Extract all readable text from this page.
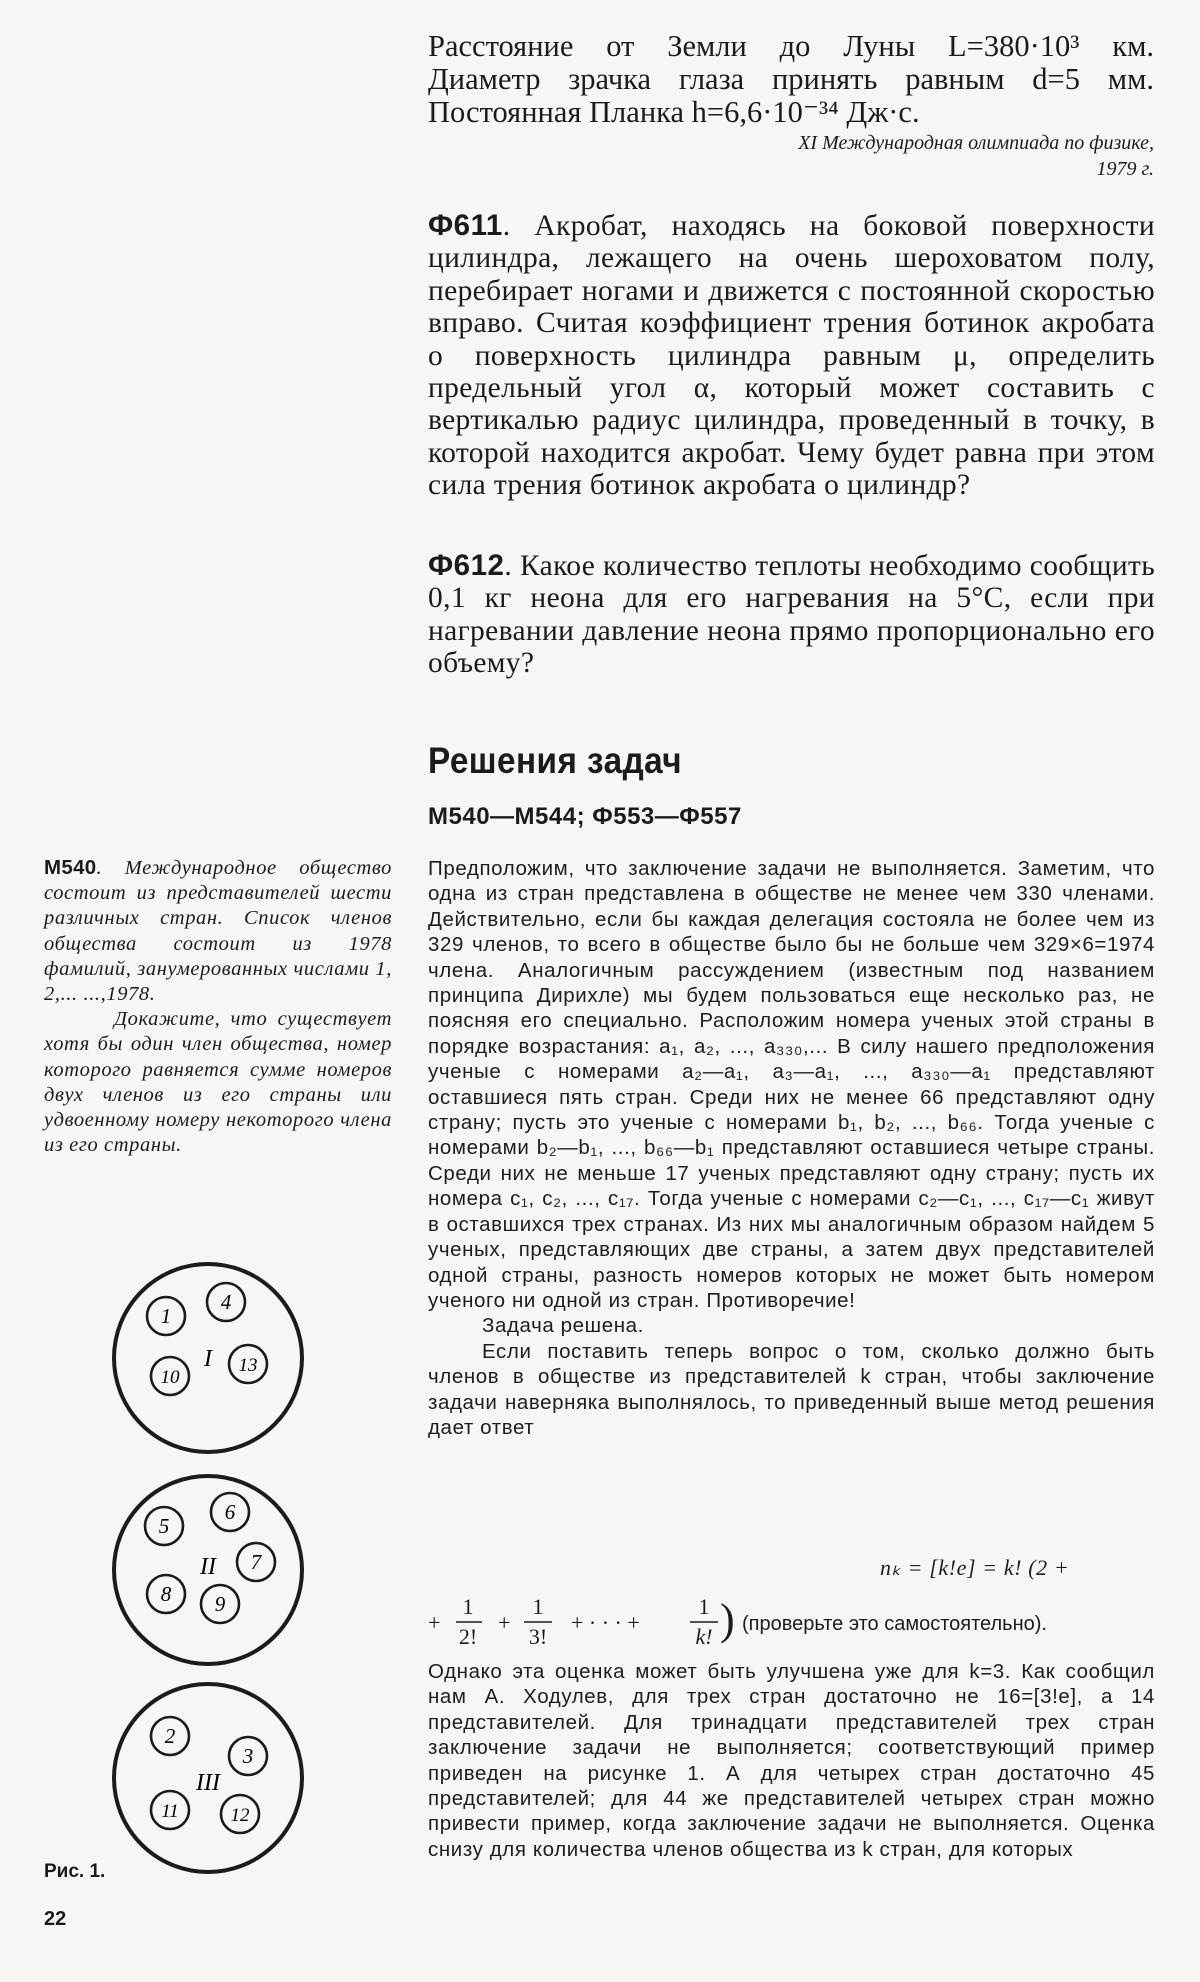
Расстояние от Земли до Луны L=380·10³ км.

Диаметр зрачка глаза принять равным d=5 мм.

Постоянная Планка h=6,6·10⁻³⁴ Дж·с.

XI Международная олимпиада по физике,
1979 г.
Ф611. Акробат, находясь на боковой поверхности цилиндра, лежащего на очень шероховатом полу, перебирает ногами и движется с постоянной скоростью вправо. Считая коэффициент трения ботинок акробата о поверхность цилиндра равным μ, определить предельный угол α, который может составить с вертикалью радиус цилиндра, проведенный в точку, в которой находится акробат. Чему будет равна при этом сила трения ботинок акробата о цилиндр?
Ф612. Какое количество теплоты необходимо сообщить 0,1 кг неона для его нагревания на 5°С, если при нагревании давление неона прямо пропорционально его объему?
Решения задач
М540—М544; Ф553—Ф557

М540. Международное общество состоит из представителей шести различных стран. Список членов общества состоит из 1978 фамилий, занумерованных числами 1, 2,... ...,1978.

Докажите, что существует хотя бы один член общества, номер которого равняется сумме номеров двух членов из его страны или удвоенному номеру некоторого члена из его страны.

I
1
4
10
13
II
5
6
7
8 9
III
2
3
11	12
Рис. 1.
22

Предположим, что заключение задачи не выполняется. Заметим, что одна из стран представлена в обществе не менее чем 330 членами. Действительно, если бы каждая делегация состояла не более чем из 329 членов, то всего в обществе было бы не больше чем 329×6=1974 члена. Аналогичным рассуждением (известным под названием принципа Дирихле) мы будем пользоваться еще несколько раз, не поясняя его специально. Расположим номера ученых этой страны в порядке возрастания: a₁, a₂, ..., a₃₃₀,... В силу нашего предположения ученые с номерами a₂—a₁, a₃—a₁, ..., a₃₃₀—a₁ представляют оставшиеся пять стран. Среди них не менее 66 представляют одну страну; пусть это ученые с номерами b₁, b₂, ..., b₆₆. Тогда ученые с номерами b₂—b₁, ..., b₆₆—b₁ представляют оставшиеся четыре страны. Среди них не меньше 17 ученых представляют одну страну; пусть их номера c₁, c₂, ..., c₁₇. Тогда ученые с номерами c₂—c₁, ..., c₁₇—c₁ живут в оставшихся трех странах. Из них мы аналогичным образом найдем 5 ученых, представляющих две страны, а затем двух представителей одной страны, разность номеров которых не может быть номером ученого ни одной из стран. Противоречие!

Задача решена.

Если поставить теперь вопрос о том, сколько должно быть членов в обществе из представителей k стран, чтобы заключение задачи наверняка выполнялось, то приведенный выше метод решения дает ответ

nₖ = [k!e] = k! (2 +
+
1
2!
+
1
3!
+ · · · +
1
k! ) (проверьте это самостоятельно).

Однако эта оценка может быть улучшена уже для k=3. Как сообщил нам А. Ходулев, для трех стран достаточно не 16=[3!e], а 14 представителей. Для тринадцати представителей трех стран заключение задачи не выполняется; соответствующий пример приведен на рисунке 1. А для четырех стран достаточно 45 представителей; для 44 же представителей четырех стран можно привести пример, когда заключение задачи не выполняется. Оценка снизу для количества членов общества из k стран, для которых
